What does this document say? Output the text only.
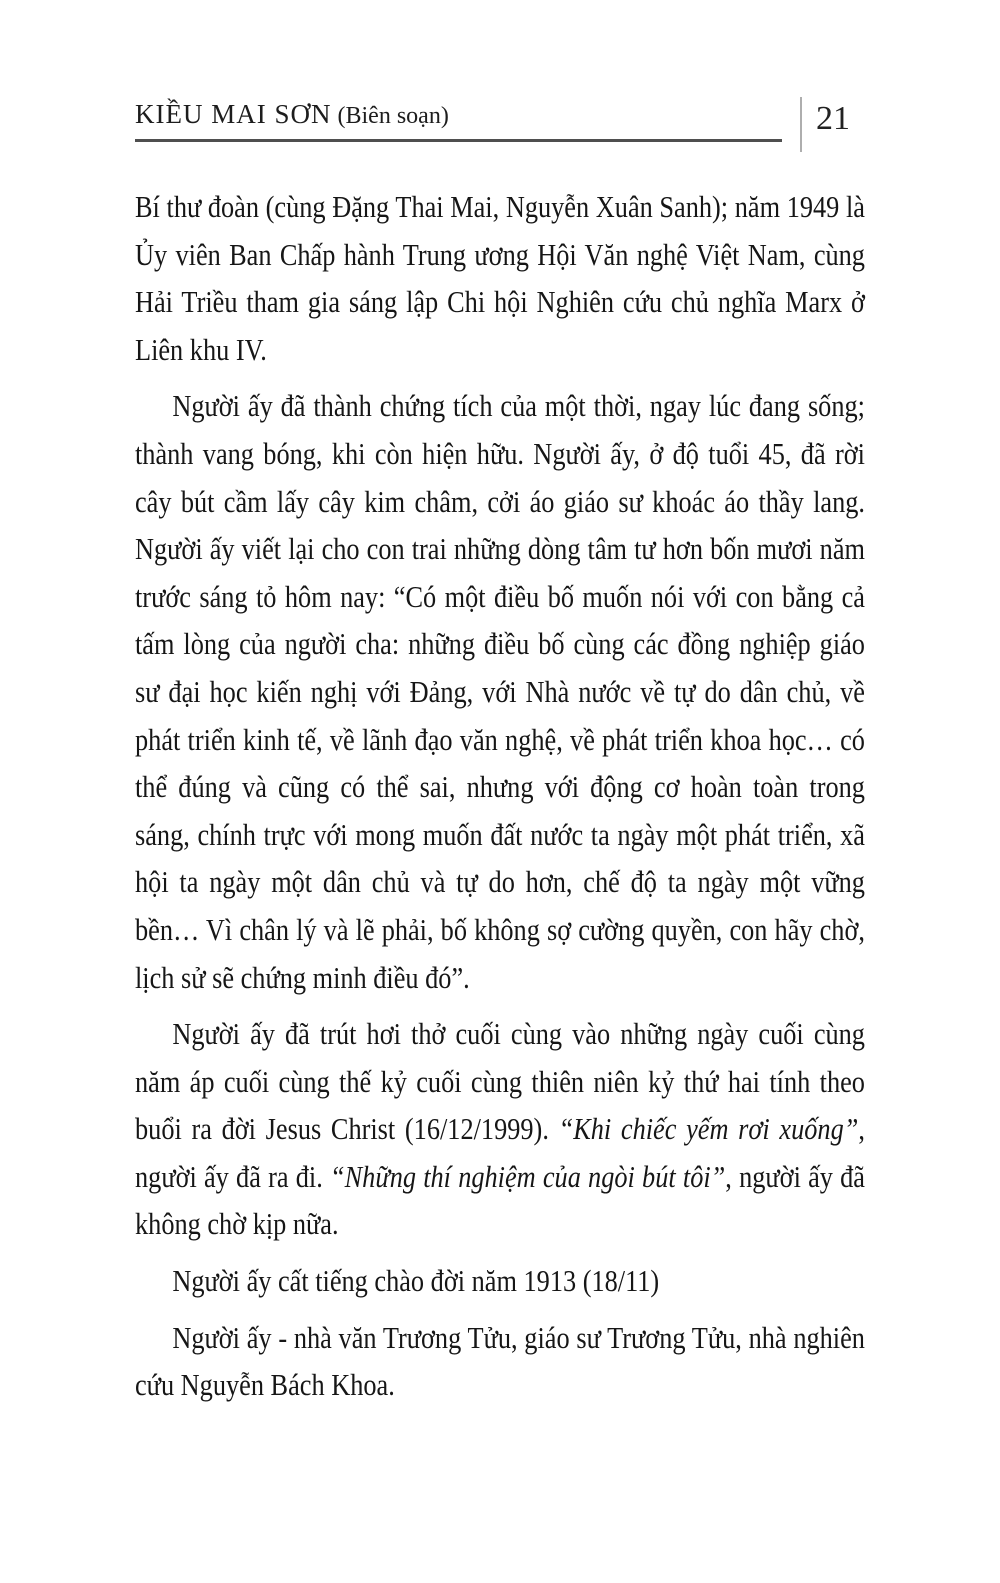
KIỀU MAI SƠN (Biên soạn)	21

Bí thư đoàn (cùng Đặng Thai Mai, Nguyễn Xuân Sanh); năm 1949 là Ủy viên Ban Chấp hành Trung ương Hội Văn nghệ Việt Nam, cùng Hải Triều tham gia sáng lập Chi hội Nghiên cứu chủ nghĩa Marx ở Liên khu IV.

Người ấy đã thành chứng tích của một thời, ngay lúc đang sống; thành vang bóng, khi còn hiện hữu. Người ấy, ở độ tuổi 45, đã rời cây bút cầm lấy cây kim châm, cởi áo giáo sư khoác áo thầy lang. Người ấy viết lại cho con trai những dòng tâm tư hơn bốn mươi năm trước sáng tỏ hôm nay: “Có một điều bố muốn nói với con bằng cả tấm lòng của người cha: những điều bố cùng các đồng nghiệp giáo sư đại học kiến nghị với Đảng, với Nhà nước về tự do dân chủ, về phát triển kinh tế, về lãnh đạo văn nghệ, về phát triển khoa học… có thể đúng và cũng có thể sai, nhưng với động cơ hoàn toàn trong sáng, chính trực với mong muốn đất nước ta ngày một phát triển, xã hội ta ngày một dân chủ và tự do hơn, chế độ ta ngày một vững bền… Vì chân lý và lẽ phải, bố không sợ cường quyền, con hãy chờ, lịch sử sẽ chứng minh điều đó”.

Người ấy đã trút hơi thở cuối cùng vào những ngày cuối cùng năm áp cuối cùng thế kỷ cuối cùng thiên niên kỷ thứ hai tính theo buổi ra đời Jesus Christ (16/12/1999). “Khi chiếc yếm rơi xuống”, người ấy đã ra đi. “Những thí nghiệm của ngòi bút tôi”, người ấy đã không chờ kịp nữa.

Người ấy cất tiếng chào đời năm 1913 (18/11)

Người ấy - nhà văn Trương Tửu, giáo sư Trương Tửu, nhà nghiên cứu Nguyễn Bách Khoa.
